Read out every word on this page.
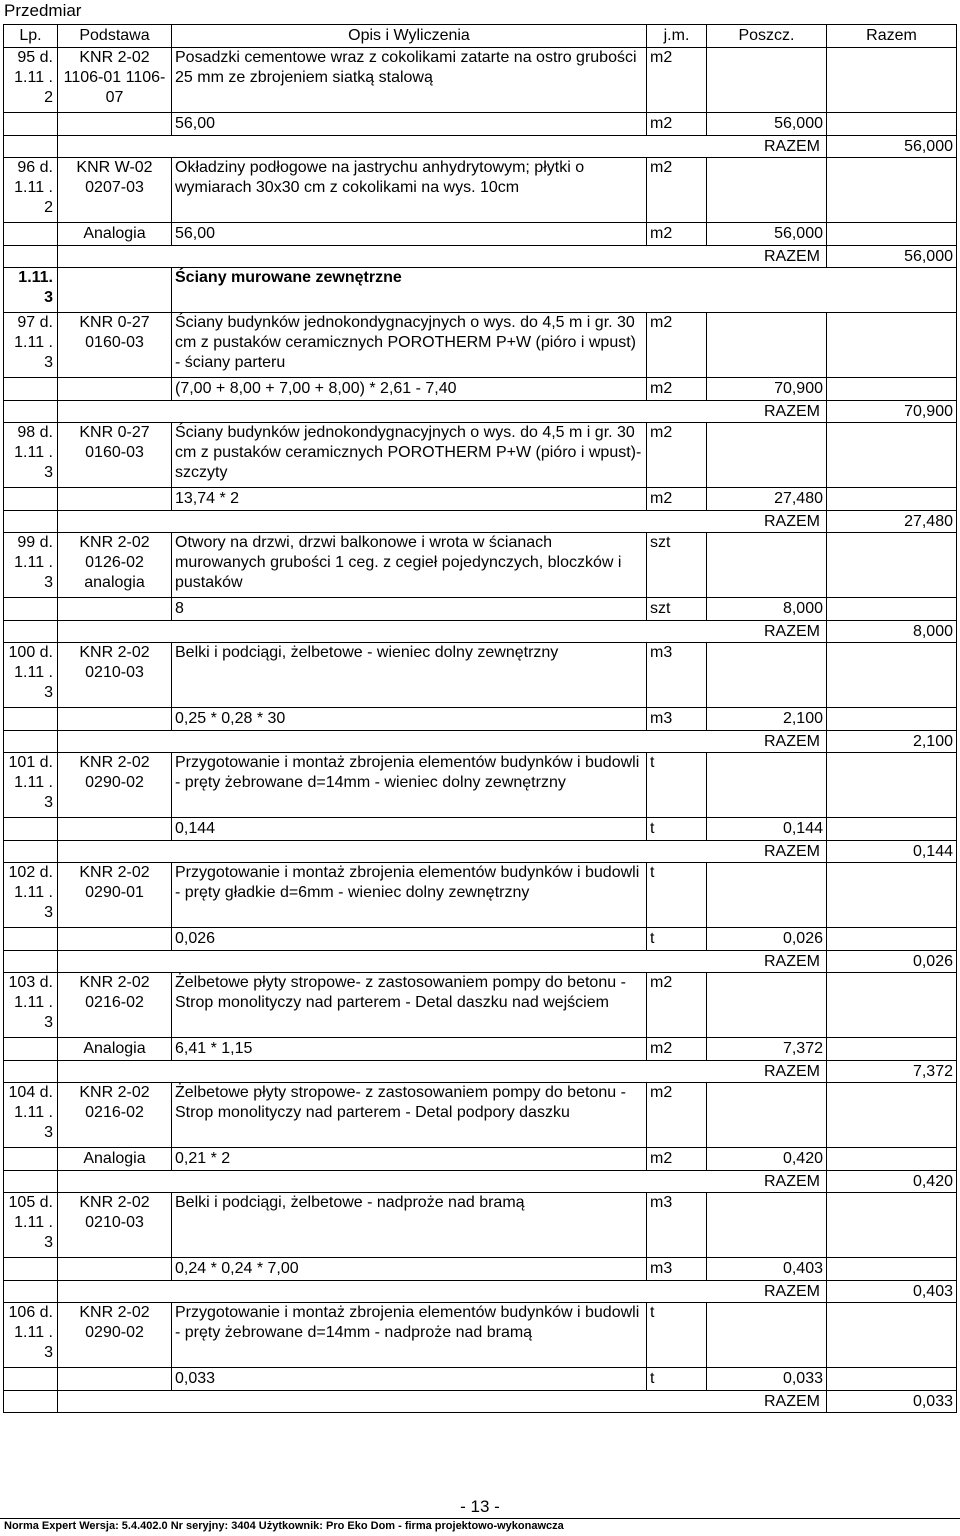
Przedmiar
Lp.	Podstawa	Opis i Wyliczenia	j.m.	Poszcz.	Razem
95 d.1.11 .2	KNR 2-02 1106-01 1106-07	Posadzki cementowe wraz z cokolikami zatarte na ostro grubości 25 mm ze zbrojeniem siatką stalową	m2		
		56,00	m2	56,000	
	RAZEM				56,000
96 d.1.11 .2	KNR W-02 0207-03	Okładziny podłogowe na jastrychu anhydrytowym; płytki o wymiarach 30x30 cm z cokolikami na wys. 10cm	m2		
	Analogia	56,00	m2	56,000	
	RAZEM				56,000
1.11. 3		Ściany murowane zewnętrzne			
97 d.1.11 .3	KNR 0-27 0160-03	Ściany budynków jednokondygnacyjnych o wys. do 4,5 m i gr. 30 cm z pustaków ceramicznych POROTHERM P+W (pióro i wpust) - ściany parteru	m2		
		(7,00 + 8,00 + 7,00 + 8,00) * 2,61 - 7,40	m2	70,900	
	RAZEM				70,900
98 d.1.11 .3	KNR 0-27 0160-03	Ściany budynków jednokondygnacyjnych o wys. do 4,5 m i gr. 30 cm z pustaków ceramicznych POROTHERM P+W (pióro i wpust)- szczyty	m2		
		13,74 * 2	m2	27,480	
	RAZEM				27,480
99 d.1.11 .3	KNR 2-02 0126-02 analogia	Otwory na drzwi, drzwi balkonowe i wrota w ścianach murowanych grubości 1 ceg. z cegieł pojedynczych, bloczków i pustaków	szt		
		8	szt	8,000	
	RAZEM				8,000
100 d.1.11 .3	KNR 2-02 0210-03	Belki i podciągi, żelbetowe - wieniec dolny zewnętrzny	m3		
		0,25 * 0,28 * 30	m3	2,100	
	RAZEM				2,100
101 d.1.11 .3	KNR 2-02 0290-02	Przygotowanie i montaż zbrojenia elementów budynków i budowli - pręty żebrowane d=14mm - wieniec dolny zewnętrzny	t		
		0,144	t	0,144	
	RAZEM				0,144
102 d.1.11 .3	KNR 2-02 0290-01	Przygotowanie i montaż zbrojenia elementów budynków i budowli - pręty gładkie d=6mm - wieniec dolny zewnętrzny	t		
		0,026	t	0,026	
	RAZEM				0,026
103 d.1.11 .3	KNR 2-02 0216-02	Żelbetowe płyty stropowe- z zastosowaniem pompy do betonu - Strop monolityczy nad parterem - Detal daszku nad wejściem	m2		
	Analogia	6,41 * 1,15	m2	7,372	
	RAZEM				7,372
104 d.1.11 .3	KNR 2-02 0216-02	Żelbetowe płyty stropowe- z zastosowaniem pompy do betonu - Strop monolityczy nad parterem - Detal podpory daszku	m2		
	Analogia	0,21 * 2	m2	0,420	
	RAZEM				0,420
105 d.1.11 .3	KNR 2-02 0210-03	Belki i podciągi, żelbetowe - nadproże nad bramą	m3		
		0,24 * 0,24 * 7,00	m3	0,403	
	RAZEM				0,403
106 d.1.11 .3	KNR 2-02 0290-02	Przygotowanie i montaż zbrojenia elementów budynków i budowli - pręty żebrowane d=14mm - nadproże nad bramą	t		
		0,033	t	0,033	
	RAZEM				0,033
- 13 -
Norma Expert Wersja: 5.4.402.0 Nr seryjny: 3404 Użytkownik: Pro Eko Dom - firma projektowo-wykonawcza
